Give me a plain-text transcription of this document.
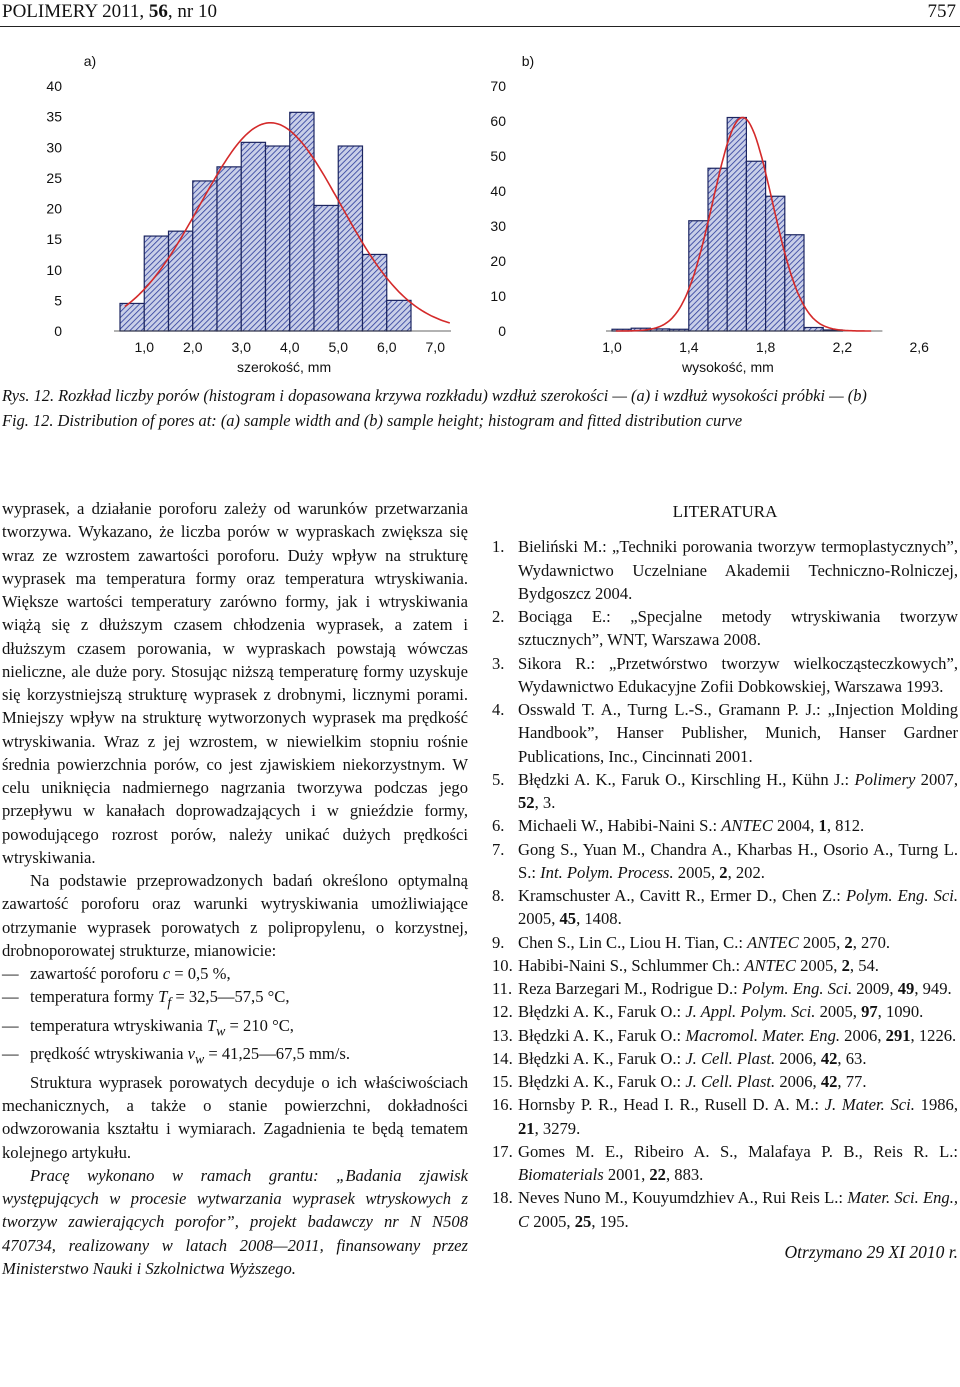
POLIMERY 2011, 56, nr 10	757
0
5
10
15
20
25
30
35
40
1,0 2,0 3,0 4,0 5,0 6,0 7,0
a)
0
10
20
30
40
50
60
70
1,0	1,4	1,8	2,2	2,6
b)
Rys. 12. Rozkład liczby porów (histogram i dopasowana krzywa rozkładu) wzdłuż szerokości — (a) i wzdłuż wysokości próbki — (b)
Fig. 12. Distribution of pores at: (a) sample width and (b) sample height; histogram and fitted distribution curve

wyprasek, a działanie poroforu zależy od warunków przetwarzania tworzywa. Wykazano, że liczba porów w wypraskach zwiększa się wraz ze wzrostem zawartości poroforu. Duży wpływ na strukturę wyprasek ma temperatura formy oraz temperatura wtryskiwania. Większe wartości temperatury zarówno formy, jak i wtryskiwania wiążą się z dłuższym czasem chłodzenia wyprasek, a zatem i dłuższym czasem porowania, w wypraskach powstają wówczas nieliczne, ale duże pory. Stosując niższą temperaturę formy uzyskuje się korzystniejszą strukturę wyprasek z drobnymi, licznymi porami. Mniejszy wpływ na strukturę wytworzonych wyprasek ma prędkość wtryskiwania. Wraz z jej wzrostem, w niewielkim stopniu rośnie średnia powierzchnia porów, co jest zjawiskiem niekorzystnym. W celu uniknięcia nadmiernego nagrzania tworzywa podczas jego przepływu w kanałach doprowadzających i w gnieździe formy, powodującego rozrost porów, należy unikać dużych prędkości wtryskiwania.

Na podstawie przeprowadzonych badań określono optymalną zawartość poroforu oraz warunki wytryskiwania umożliwiające otrzymanie wyprasek porowatych z polipropylenu, o korzystnej, drobnoporowatej strukturze, mianowicie:

— zawartość poroforu c = 0,5 %,
— temperatura formy $T_f$ = 32,5—57,5 °C,
— temperatura wtryskiwania $T_w = 210$ °C,
— prędkość wtryskiwania $v_w$ = 41,25—67,5 mm/s.

Struktura wyprasek porowatych decyduje o ich właściwościach mechanicznych, a także o stanie powierzchni, dokładności odwzorowania kształtu i wymiarach. Zagadnienia te będą tematem kolejnego artykułu.

Pracę wykonano w ramach grantu: „Badania zjawisk występujących w procesie wytwarzania wyprasek wtryskowych z tworzyw zawierających porofor”, projekt badawczy nr N N508 470734, realizowany w latach 2008—2011, finansowany przez Ministerstwo Nauki i Szkolnictwa Wyższego.

LITERATURA
1. Bieliński M.: „Techniki porowania tworzyw termoplastycznych”, Wydawnictwo Uczelniane Akademii Techniczno-Rolniczej, Bydgoszcz 2004.
2. Bociąga E.: „Specjalne metody wtryskiwania tworzyw sztucznych”, WNT, Warszawa 2008.
3. Sikora R.: „Przetwórstwo tworzyw wielkocząsteczkowych”, Wydawnictwo Edukacyjne Zofii Dobkowskiej, Warszawa 1993.
4. Osswald T. A., Turng L.-S., Gramann P. J.: „Injection Molding Handbook”, Hanser Publisher, Munich, Hanser Gardner Publications, Inc., Cincinnati 2001.
5. Błędzki A. K., Faruk O., Kirschling H., Kühn J.: Polimery 2007, 52, 3.
6. Michaeli W., Habibi-Naini S.: ANTEC 2004, 1, 812.
7. Gong S., Yuan M., Chandra A., Kharbas H., Osorio A., Turng L. S.: Int. Polym. Process. 2005, 2, 202.
8. Kramschuster A., Cavitt R., Ermer D., Chen Z.: Polym. Eng. Sci. 2005, 45, 1408.
9. Chen S., Lin C., Liou H. Tian, C.: ANTEC 2005, 2, 270.
10. Habibi-Naini S., Schlummer Ch.: ANTEC 2005, 2, 54.
11. Reza Barzegari M., Rodrigue D.: Polym. Eng. Sci. 2009, 49, 949.
12. Błędzki A. K., Faruk O.: J. Appl. Polym. Sci. 2005, 97, 1090.
13. Błędzki A. K., Faruk O.: Macromol. Mater. Eng. 2006, 291, 1226.
14. Błędzki A. K., Faruk O.: J. Cell. Plast. 2006, 42, 63.
15. Błędzki A. K., Faruk O.: J. Cell. Plast. 2006, 42, 77.
16. Hornsby P. R., Head I. R., Rusell D. A. M.: J. Mater. Sci. 1986, 21, 3279.
17. Gomes M. E., Ribeiro A. S., Malafaya P. B., Reis R. L.: Biomaterials 2001, 22, 883.
18. Neves Nuno M., Kouyumdzhiev A., Rui Reis L.: Mater. Sci. Eng., C 2005, 25, 195.
Otrzymano 29 XI 2010 r.
szerokość, mm	wysokość, mm
